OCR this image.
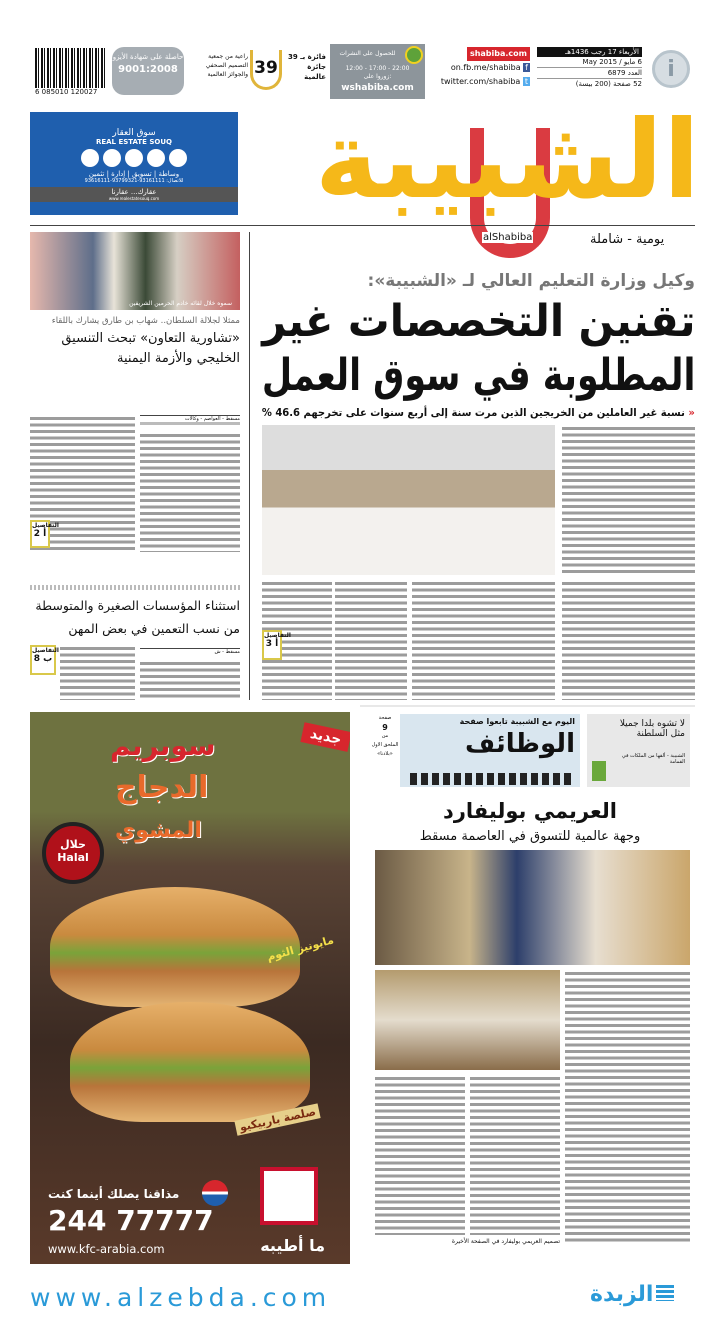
i
الأربعاء 17 رجب 1436هـ
6 مايو / May 2015
العدد 6879
52 صفحة (200 بيسة)
shabiba.com
on.fb.me/shabiba f
twitter.com/shabiba t
للحصول على النشرات
12:00 - 17:00 - 22:00
زوروا على:
wshabiba.com
فائزة بـ 39 جائزة عالمية
39
راعية من جمعية التصميم الصحفي والجوائز العالمية
حاصلة على شهادة الأيزو
9001:2008
6 085010 120027
الشبيبة
alShabiba	يومية - شاملة
سوق العقار
REAL ESTATE SOUQ
وساطة | تسويق | إدارة | تثمين
للاتصال: 93161111-93799321-93616111
عقارك... عقارنا
www.realestatesouq.com
وكيل وزارة التعليم العالي لـ «الشبيبة»:
تقنين التخصصات غير
المطلوبة في سوق العمل
« نسبة غير العاملين من الخريجين الذين مرت سنة إلى أربع سنوات على تخرجهم 46.6 %
التفاصيل
3 أ
سموه خلال لقائه خادم الحرمين الشريفين
ممثلا لجلالة السلطان.. شهاب بن طارق يشارك باللقاء
«تشاورية التعاون» تبحث التنسيق
الخليجي والأزمة اليمنية
مسقط - العواصم - وكالات
التفاصيل
2 أ
استثناء المؤسسات الصغيرة والمتوسطة
من نسب التعمين في بعض المهن
مسقط - ش
التفاصيل
ب 8
اليوم مع الشبيبة تابعوا صفحة
الوظائف
صفحة
9
من
الملحق الاول
«بلادنا»
لا تشوه بلدا جميلا
مثل السلطنة
الشبيبة - ألقها من الملكات في القمامة
العريمي بوليفارد
وجهة عالمية للتسوق في العاصمة مسقط
تصميم العريمي بوليفارد في الصفحة الأخيرة
جديد
سوبريم
الدجاج
المشوي
حلال
Halal
مايونيز الثوم
صلصة باربيكيو
مذاقنا يصلك أينما كنت
244 77777
www.kfc-arabia.com	ما أطيبه
www.alzebda.com	الزبدة
